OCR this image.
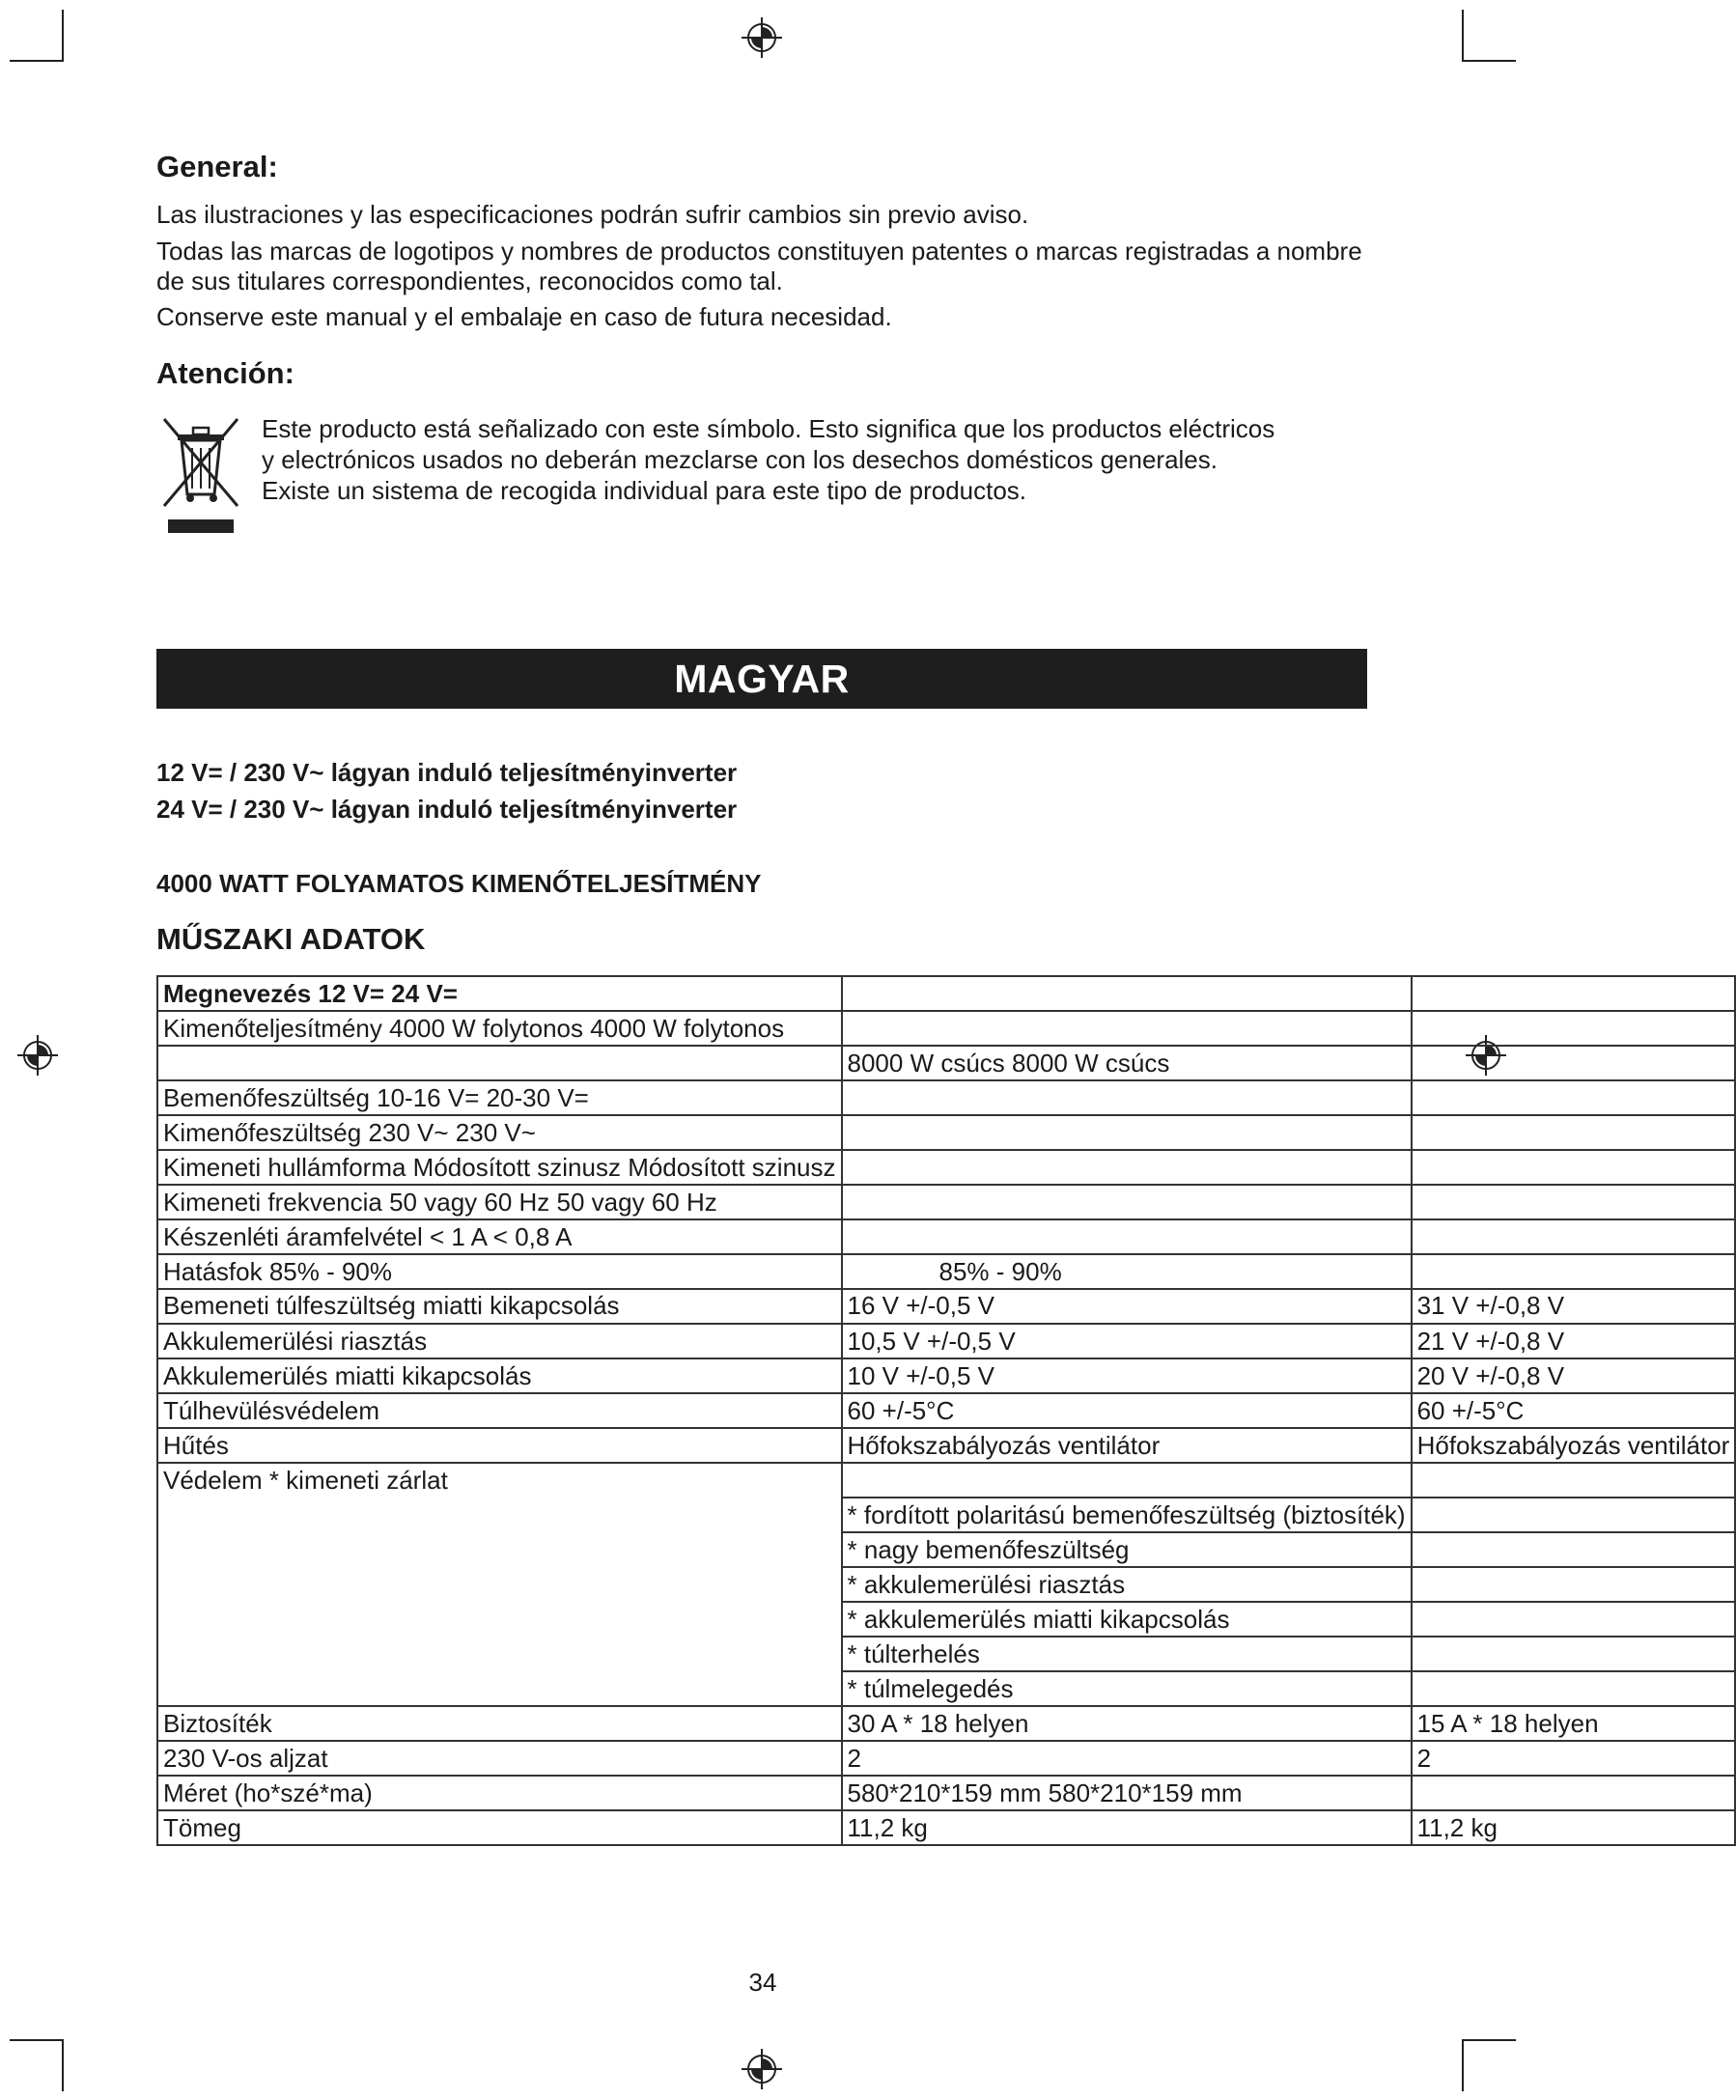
General:

Las ilustraciones y las especificaciones podrán sufrir cambios sin previo aviso.

Todas las marcas de logotipos y nombres de productos constituyen patentes o marcas registradas a nombre de sus titulares correspondientes, reconocidos como tal.

Conserve este manual y el embalaje en caso de futura necesidad.

Atención:

Este producto está señalizado con este símbolo. Esto significa que los productos eléctricos
y electrónicos usados no deberán mezclarse con los desechos domésticos generales.
Existe un sistema de recogida individual para este tipo de productos.

MAGYAR

12 V= / 230 V~ lágyan induló teljesítményinverter

24 V= / 230 V~ lágyan induló teljesítményinverter

4000 WATT FOLYAMATOS KIMENŐTELJESÍTMÉNY

MŰSZAKI ADATOK
Megnevezés 12 V= 24 V=		
Kimenőteljesítmény 4000 W folytonos 4000 W folytonos		
	8000 W csúcs 8000 W csúcs	
Bemenőfeszültség 10-16 V= 20-30 V=		
Kimenőfeszültség 230 V~ 230 V~		
Kimeneti hullámforma Módosított szinusz Módosított szinusz		
Kimeneti frekvencia 50 vagy 60 Hz 50 vagy 60 Hz		
Készenléti áramfelvétel < 1 A < 0,8 A		
Hatásfok 85% - 90%	85% - 90%	
Bemeneti túlfeszültség miatti kikapcsolás	16 V +/-0,5 V	31 V +/-0,8 V
Akkulemerülési riasztás	10,5 V +/-0,5 V	21 V +/-0,8 V
Akkulemerülés miatti kikapcsolás	10 V +/-0,5 V	20 V +/-0,8 V
Túlhevülésvédelem	60 +/-5°C	60 +/-5°C
Hűtés	Hőfokszabályozás ventilátor	Hőfokszabályozás ventilátor
Védelem * kimeneti zárlat		
	* fordított polaritású bemenőfeszültség (biztosíték)	
	* nagy bemenőfeszültség	
	* akkulemerülési riasztás	
	* akkulemerülés miatti kikapcsolás	
	* túlterhelés	
	* túlmelegedés	
Biztosíték	30 A * 18 helyen	15 A * 18 helyen
230 V-os aljzat	2	2
Méret (ho*szé*ma)	580*210*159 mm 580*210*159 mm	
Tömeg	11,2 kg	11,2 kg
34
